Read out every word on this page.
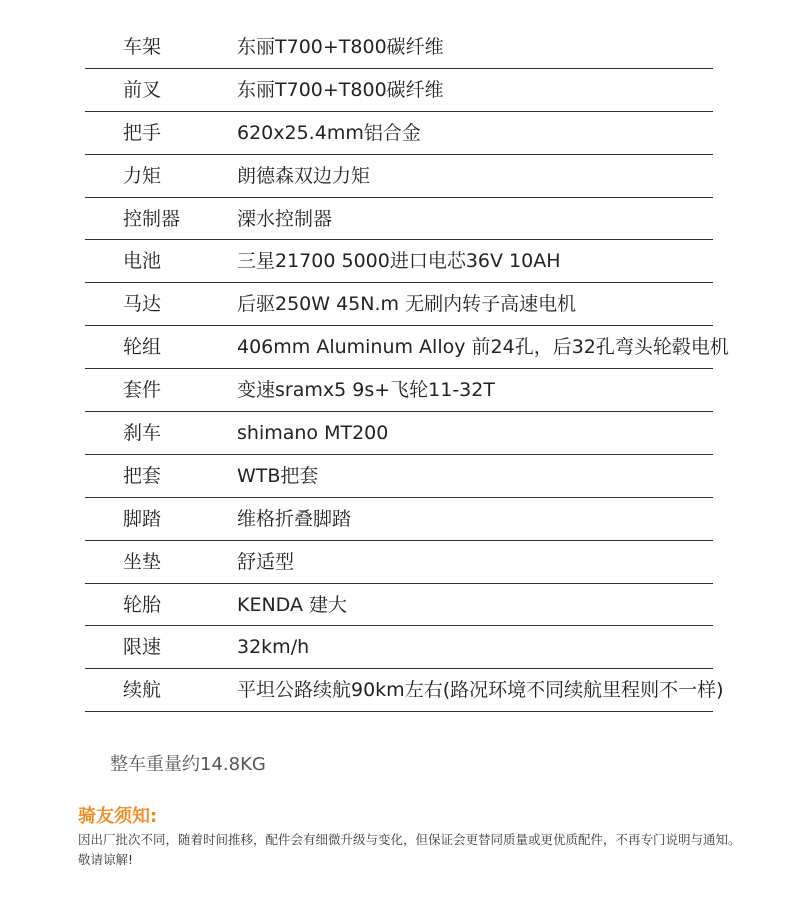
车架	东丽T700+T800碳纤维
前叉	东丽T700+T800碳纤维
把手	620x25.4mm铝合金
力矩	朗德森双边力矩
控制器	溧水控制器
电池	三星21700 5000进口电芯36V 10AH
马达	后驱250W 45N.m 无刷内转子高速电机
轮组	406mm Aluminum Alloy 前24孔，后32孔弯头轮毂电机
套件	变速sramx5 9s+飞轮11-32T
刹车	shimano MT200
把套	WTB把套
脚踏	维格折叠脚踏
坐垫	舒适型
轮胎	KENDA 建大
限速	32km/h
续航	平坦公路续航90km左右(路况环境不同续航里程则不一样)
整车重量约14.8KG
骑友须知:
因出厂批次不同，随着时间推移，配件会有细微升级与变化，但保证会更替同质量或更优质配件，不再专门说明与通知。敬请谅解!
